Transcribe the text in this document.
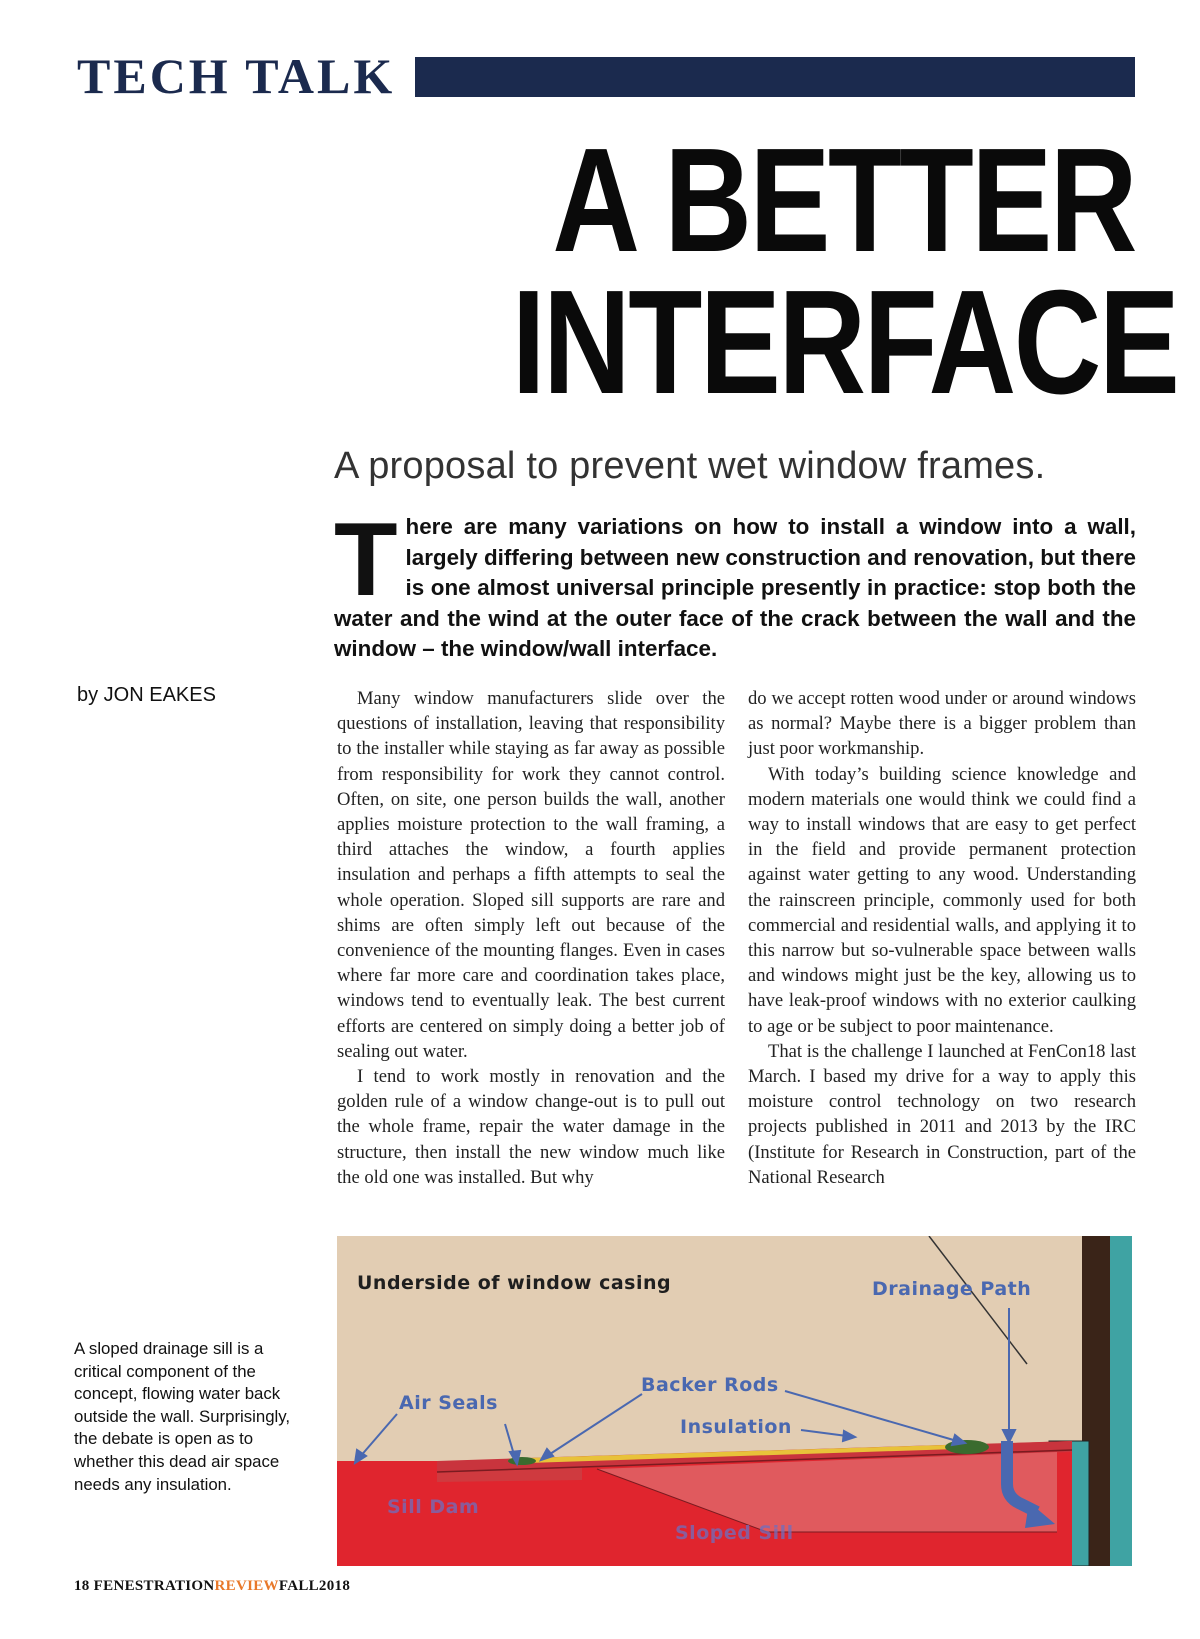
TECH TALK
A BETTER
INTERFACE
A proposal to prevent wet window frames.
There are many variations on how to install a window into a wall, largely differing between new construction and renovation, but there is one almost universal principle presently in practice: stop both the water and the wind at the outer face of the crack between the wall and the window – the window/wall interface.
by JON EAKES	Many window manufacturers slide over the questions of installation, leaving that responsibility to the installer while staying as far away as possible from responsibility for work they cannot control. Often, on site, one person builds the wall, another applies moisture protection to the wall framing, a third attaches the window, a fourth applies insulation and perhaps a fifth attempts to seal the whole operation. Sloped sill supports are rare and shims are often simply left out because of the convenience of the mounting flanges. Even in cases where far more care and coordination takes place, windows tend to eventually leak. The best current efforts are centered on simply doing a better job of sealing out water.

I tend to work mostly in renovation and the golden rule of a window change-out is to pull out the whole frame, repair the water damage in the structure, then install the new window much like the old one was installed. But why

do we accept rotten wood under or around windows as normal? Maybe there is a bigger problem than just poor workmanship.

With today’s building science knowledge and modern materials one would think we could find a way to install windows that are easy to get perfect in the field and provide permanent protection against water getting to any wood. Understanding the rainscreen principle, commonly used for both commercial and residential walls, and applying it to this narrow but so-vulnerable space between walls and windows might just be the key, allowing us to have leak-proof windows with no exterior caulking to age or be subject to poor maintenance.

That is the challenge I launched at FenCon18 last March. I based my drive for a way to apply this moisture control technology on two research projects published in 2011 and 2013 by the IRC (Institute for Research in Construction, part of the National Research

A sloped drainage sill is a critical component of the concept, flowing water back outside the wall. Surprisingly, the debate is open as to whether this dead air space needs any insulation.
Underside of window casing	Drainage Path
Backer Rods
Air Seals
Insulation
Sill Dam
Sloped Sill
18 FENESTRATIONREVIEWFALL2018
